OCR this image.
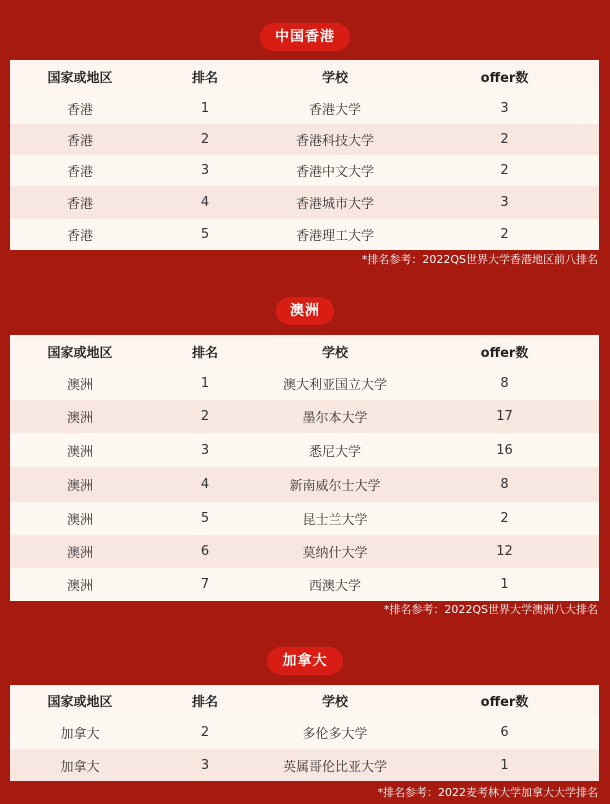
中国香港
国家或地区	排名	学校	offer数
香港	1	香港大学	3
香港	2	香港科技大学	2
香港	3	香港中文大学	2
香港	4	香港城市大学	3
香港	5	香港理工大学	2
*排名参考：2022QS世界大学香港地区前八排名
澳洲
国家或地区	排名	学校	offer数
澳洲	1	澳大利亚国立大学	8
澳洲	2	墨尔本大学	17
澳洲	3	悉尼大学	16
澳洲	4	新南威尔士大学	8
澳洲	5	昆士兰大学	2
澳洲	6	莫纳什大学	12
澳洲	7	西澳大学	1
*排名参考：2022QS世界大学澳洲八大排名
加拿大
国家或地区	排名	学校	offer数
加拿大	2	多伦多大学	6
加拿大	3	英属哥伦比亚大学	1
*排名参考：2022麦考林大学加拿大大学排名
